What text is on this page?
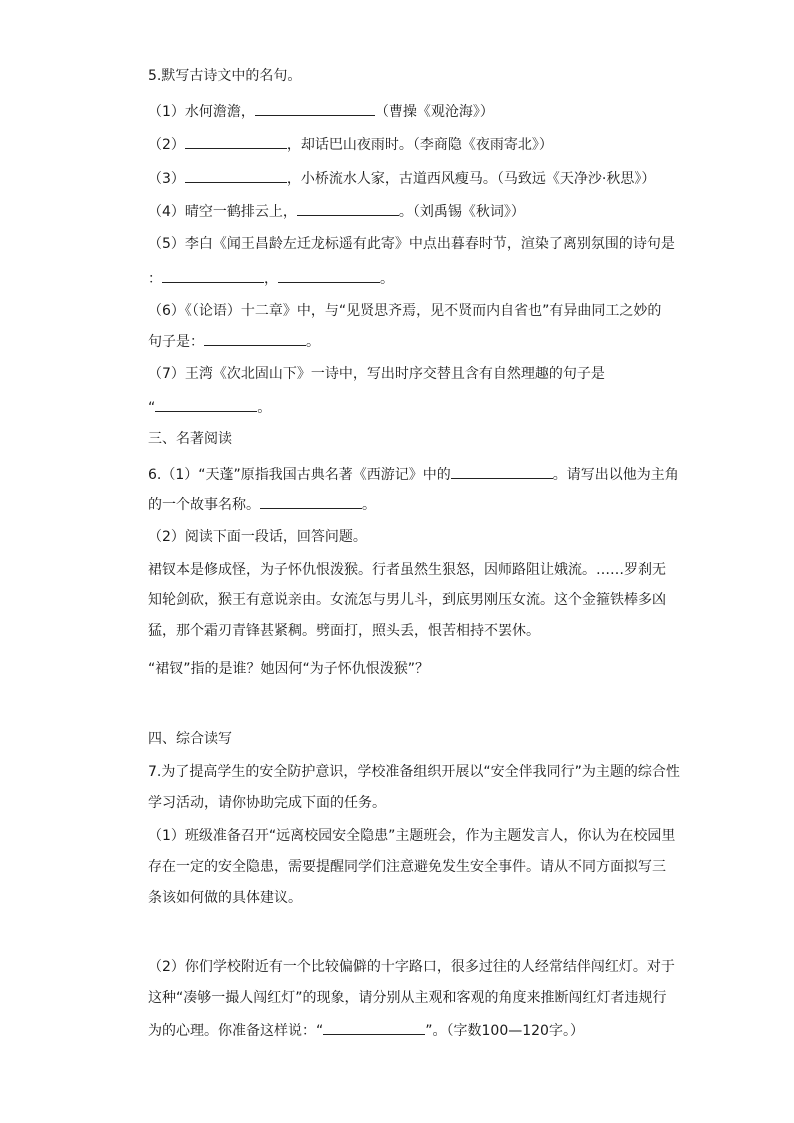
5.默写古诗文中的名句。
（1）水何澹澹，	（曹操《观沧海》）
（2）	，却话巴山夜雨时。（李商隐《夜雨寄北》）
（3）	，小桥流水人家，古道西风瘦马。（马致远《天净沙·秋思》）
（4）晴空一鹤排云上，	。（刘禹锡《秋词》）
（5）李白《闻王昌龄左迁龙标遥有此寄》中点出暮春时节，渲染了离别氛围的诗句是
：	，	。
（6）《（论语）十二章》中，与“见贤思齐焉，见不贤而内自省也”有异曲同工之妙的
句子是：	。
（7）王湾《次北固山下》一诗中，写出时序交替且含有自然理趣的句子是
“	。
三、名著阅读
6.（1）“天蓬”原指我国古典名著《西游记》中的	。请写出以他为主角
的一个故事名称。	。
（2）阅读下面一段话，回答问题。
裙钗本是修成怪，为子怀仇恨泼猴。行者虽然生狠怒，因师路阻让娥流。……罗刹无
知轮剑砍，猴王有意说亲由。女流怎与男儿斗，到底男刚压女流。这个金箍铁棒多凶
猛，那个霜刃青锋甚紧稠。劈面打，照头丢，恨苦相持不罢休。
“裙钗”指的是谁？她因何“为子怀仇恨泼猴”？
四、综合读写
7.为了提高学生的安全防护意识，学校准备组织开展以“安全伴我同行”为主题的综合性
学习活动，请你协助完成下面的任务。
（1）班级准备召开“远离校园安全隐患”主题班会，作为主题发言人，你认为在校园里
存在一定的安全隐患，需要提醒同学们注意避免发生安全事件。请从不同方面拟写三
条该如何做的具体建议。
（2）你们学校附近有一个比较偏僻的十字路口，很多过往的人经常结伴闯红灯。对于
这种“凑够一撮人闯红灯”的现象，请分别从主观和客观的角度来推断闯红灯者违规行
为的心理。你准备这样说：“	”。（字数100—120字。）
